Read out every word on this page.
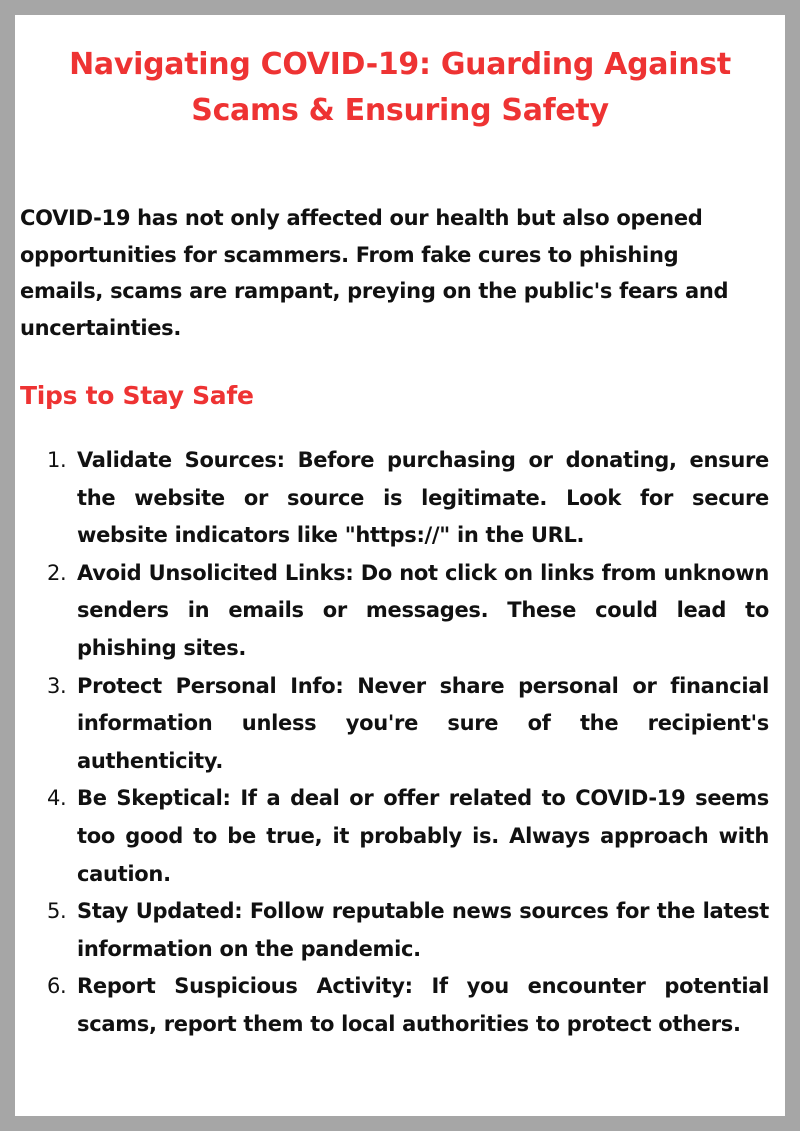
Navigating COVID-19: Guarding Against Scams & Ensuring Safety

COVID-19 has not only affected our health but also opened opportunities for scammers. From fake cures to phishing emails, scams are rampant, preying on the public's fears and uncertainties.

Tips to Stay Safe
1. Validate Sources: Before purchasing or donating, ensure the website or source is legitimate. Look for secure website indicators like "https://" in the URL.
2. Avoid Unsolicited Links: Do not click on links from unknown senders in emails or messages. These could lead to phishing sites.
3. Protect Personal Info: Never share personal or financial information unless you're sure of the recipient's authenticity.
4. Be Skeptical: If a deal or offer related to COVID-19 seems too good to be true, it probably is. Always approach with caution.
5. Stay Updated: Follow reputable news sources for the latest information on the pandemic.
6. Report Suspicious Activity: If you encounter potential scams, report them to local authorities to protect others.
